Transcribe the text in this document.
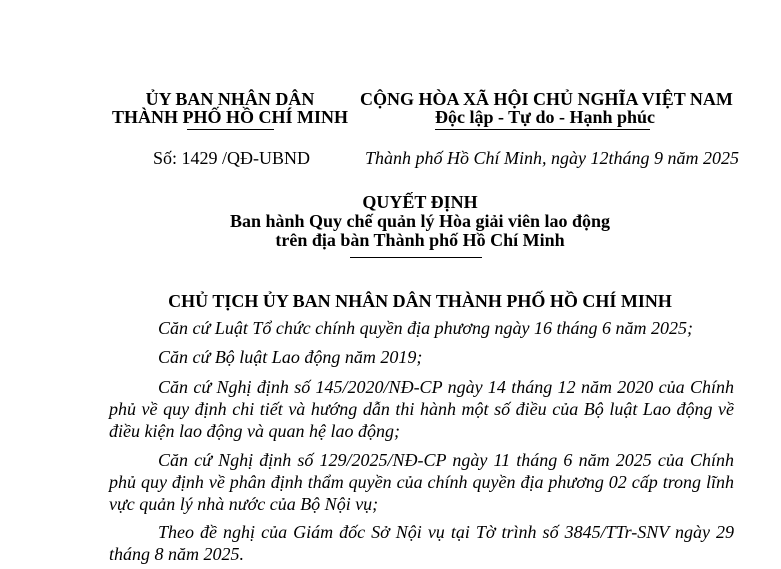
ỦY BAN NHÂN DÂN
THÀNH PHỐ HỒ CHÍ MINH
CỘNG HÒA XÃ HỘI CHỦ NGHĨA VIỆT NAM
Độc lập - Tự do - Hạnh phúc
Số: 1429 /QĐ-UBND	Thành phố Hồ Chí Minh, ngày 12tháng 9 năm 2025
QUYẾT ĐỊNH
Ban hành Quy chế quản lý Hòa giải viên lao động
trên địa bàn Thành phố Hồ Chí Minh
CHỦ TỊCH ỦY BAN NHÂN DÂN THÀNH PHỐ HỒ CHÍ MINH
Căn cứ Luật Tổ chức chính quyền địa phương ngày 16 tháng 6 năm 2025;
Căn cứ Bộ luật Lao động năm 2019;
Căn cứ Nghị định số 145/2020/NĐ-CP ngày 14 tháng 12 năm 2020 của Chính phủ về quy định chi tiết và hướng dẫn thi hành một số điều của Bộ luật Lao động về điều kiện lao động và quan hệ lao động;
Căn cứ Nghị định số 129/2025/NĐ-CP ngày 11 tháng 6 năm 2025 của Chính phủ quy định về phân định thẩm quyền của chính quyền địa phương 02 cấp trong lĩnh vực quản lý nhà nước của Bộ Nội vụ;
Theo đề nghị của Giám đốc Sở Nội vụ tại Tờ trình số 3845/TTr-SNV ngày 29 tháng 8 năm 2025.
